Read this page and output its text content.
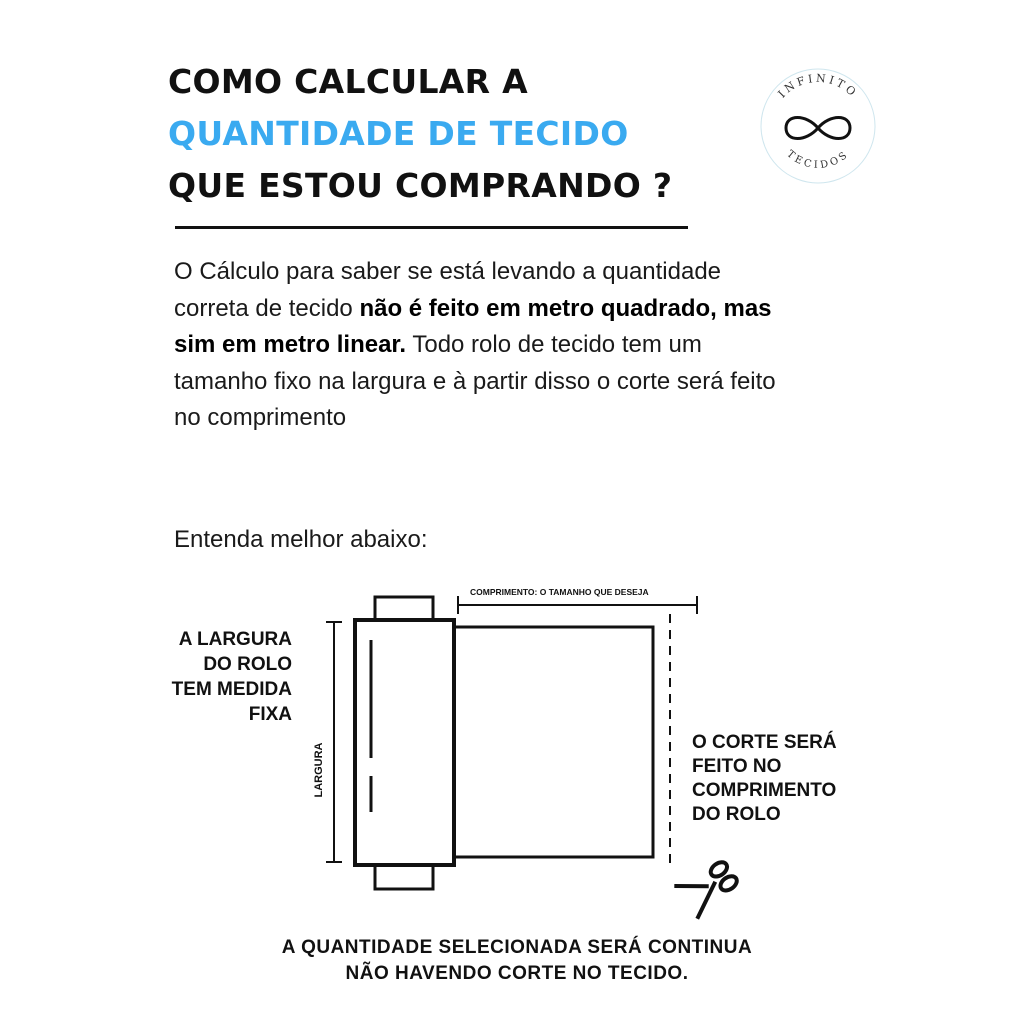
COMO CALCULAR A
QUANTIDADE DE TECIDO
QUE ESTOU COMPRANDO ?
INFINITO
TECIDOS

O Cálculo para saber se está levando a quantidade correta de tecido não é feito em metro quadrado, mas sim em metro linear. Todo rolo de tecido tem um tamanho fixo na largura e à partir disso o corte será feito no comprimento

Entenda melhor abaixo:

COMPRIMENTO: O TAMANHO QUE DESEJA
LARGURA
A LARGURA
DO ROLO
TEM MEDIDA
FIXA
O CORTE SERÁ
FEITO NO
COMPRIMENTO
DO ROLO
A QUANTIDADE SELECIONADA SERÁ CONTINUA
NÃO HAVENDO CORTE NO TECIDO.
